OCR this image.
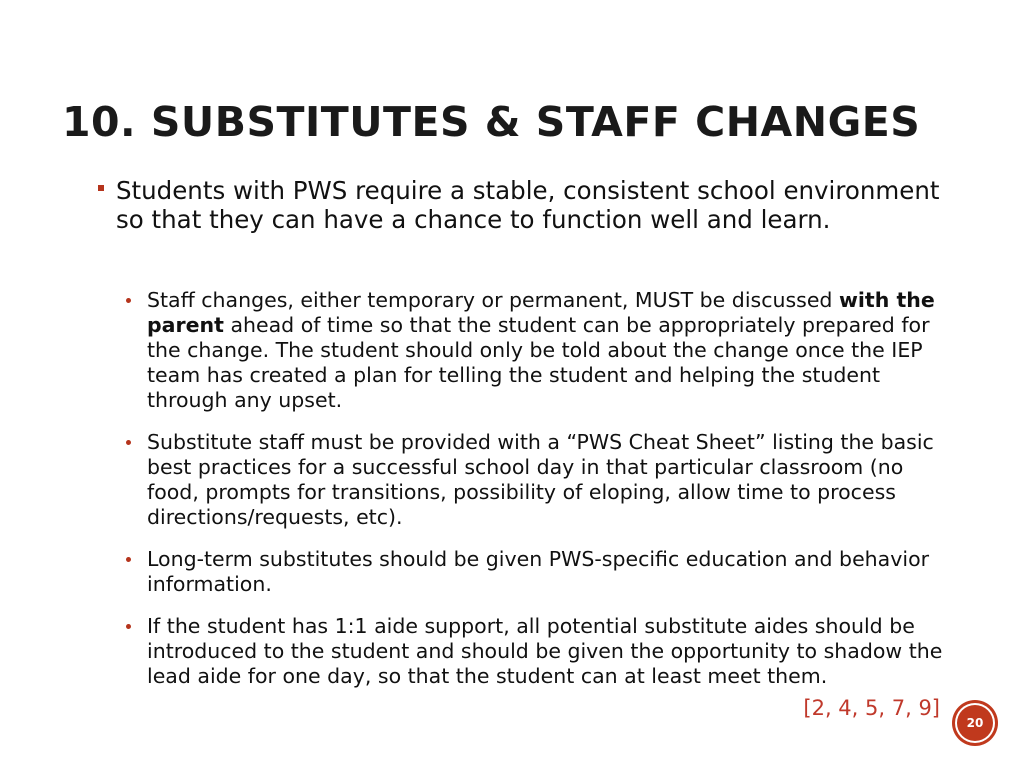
10. SUBSTITUTES & STAFF CHANGES
Students with PWS require a stable, consistent school environment so that they can have a chance to function well and learn.
Staff changes, either temporary or permanent, MUST be discussed with the parent ahead of time so that the student can be appropriately prepared for the change. The student should only be told about the change once the IEP team has created a plan for telling the student and helping the student through any upset.
Substitute staff must be provided with a “PWS Cheat Sheet” listing the basic best practices for a successful school day in that particular classroom (no food, prompts for transitions, possibility of eloping, allow time to process directions/requests, etc).
Long-term substitutes should be given PWS-specific education and behavior information.
If the student has 1:1 aide support, all potential substitute aides should be introduced to the student and should be given the opportunity to shadow the lead aide for one day, so that the student can at least meet them.
[2, 4, 5, 7, 9]
20
